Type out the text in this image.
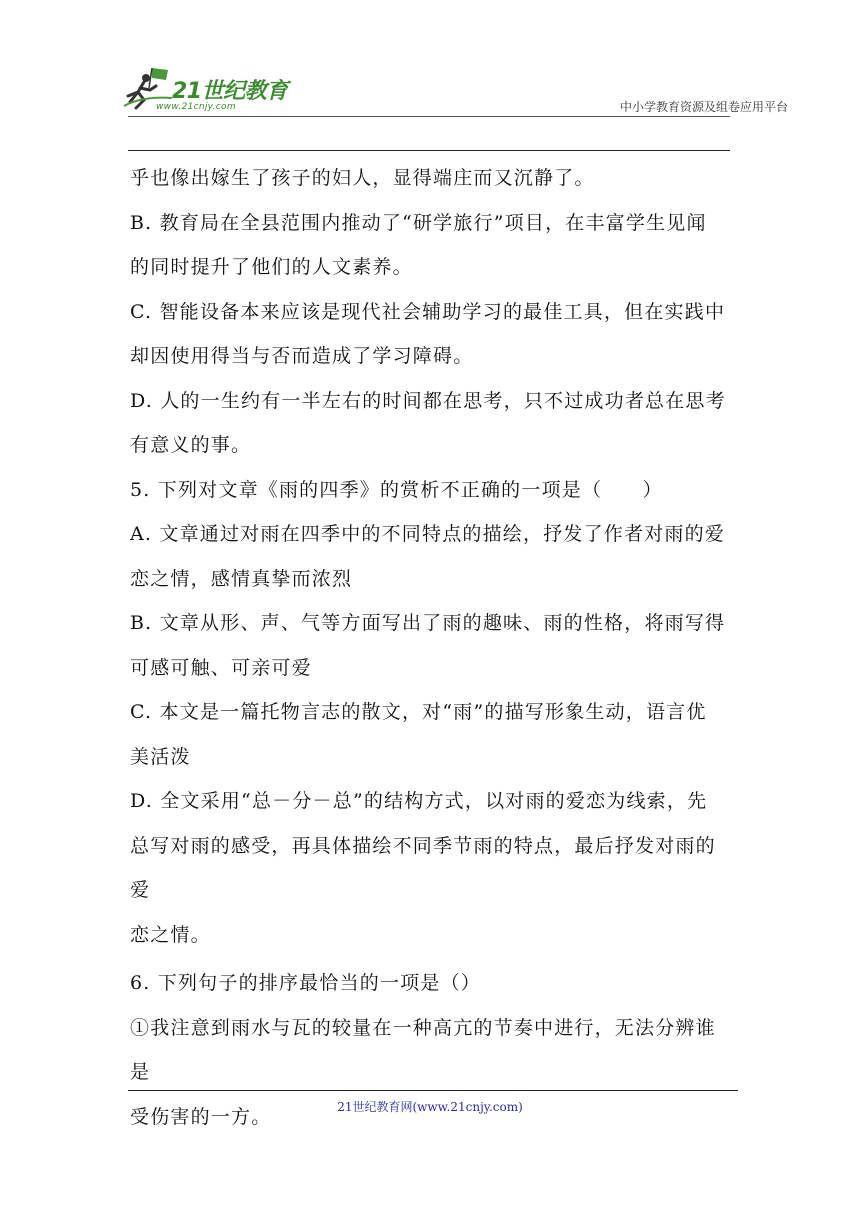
21世纪教育
www.21cnjy.com	中小学教育资源及组卷应用平台

乎也像出嫁生了孩子的妇人，显得端庄而又沉静了。

B. 教育局在全县范围内推动了“研学旅行”项目，在丰富学生见闻

的同时提升了他们的人文素养。

C. 智能设备本来应该是现代社会辅助学习的最佳工具，但在实践中

却因使用得当与否而造成了学习障碍。

D. 人的一生约有一半左右的时间都在思考，只不过成功者总在思考

有意义的事。

5. 下列对文章《雨的四季》的赏析不正确的一项是（　　）

A. 文章通过对雨在四季中的不同特点的描绘，抒发了作者对雨的爱

恋之情，感情真挚而浓烈

B. 文章从形、声、气等方面写出了雨的趣味、雨的性格，将雨写得

可感可触、可亲可爱

C. 本文是一篇托物言志的散文，对“雨”的描写形象生动，语言优

美活泼

D. 全文采用“总－分－总”的结构方式，以对雨的爱恋为线索，先

总写对雨的感受，再具体描绘不同季节雨的特点，最后抒发对雨的爱

恋之情。

6. 下列句子的排序最恰当的一项是（）

①我注意到雨水与瓦的较量在一种高亢的节奏中进行，无法分辨谁是

受伤害的一方。	21世纪教育网(www.21cnjy.com)
